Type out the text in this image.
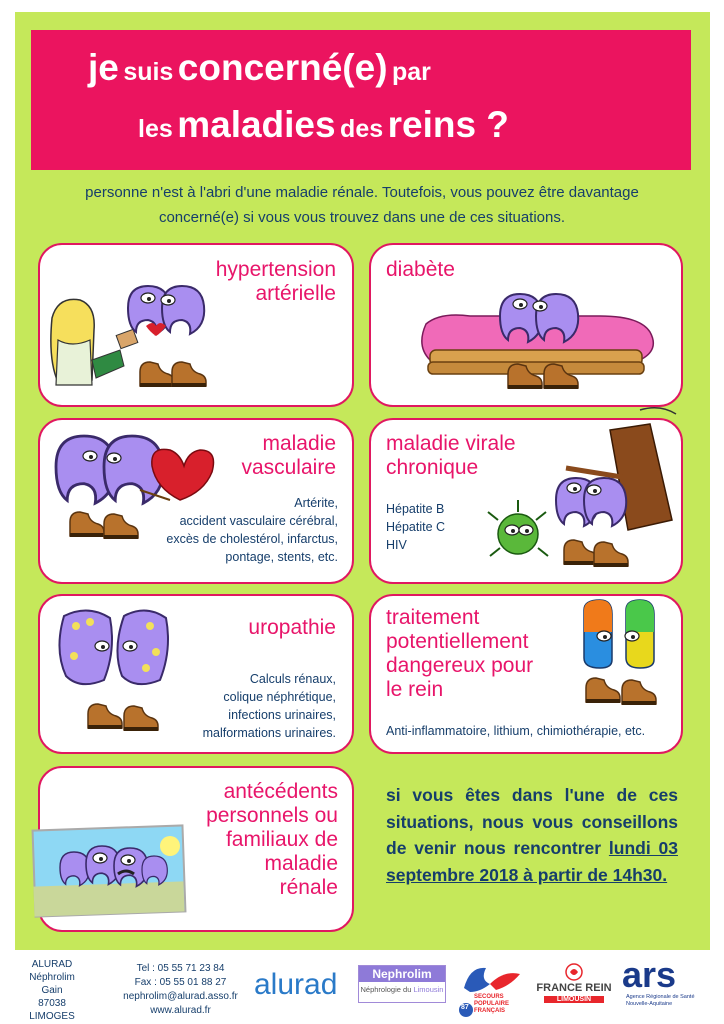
je suis concerné(e) par
les maladies des reins ?
personne n'est à l'abri d'une maladie rénale. Toutefois, vous pouvez être davantage
concerné(e) si vous vous trouvez dans une de ces situations.
hypertension
artérielle
diabète
maladie
vasculaire
Artérite,
accident vasculaire cérébral,
excès de cholestérol, infarctus,
pontage, stents, etc.
maladie virale
chronique
Hépatite B
Hépatite C
HIV
uropathie
Calculs rénaux,
colique néphrétique,
infections urinaires,
malformations urinaires.
traitement
potentiellement
dangereux pour
le rein
Anti-inflammatoire, lithium, chimiothérapie, etc.
antécédents
personnels ou
familiaux de
maladie
rénale
si vous êtes dans l'une de ces situations, nous vous conseillons de venir nous rencontrer lundi 03 septembre 2018 à partir de 14h30.
ALURAD
Néphrolim
Gain
87038 LIMOGES
Tel : 05 55 71 23 84
Fax : 05 55 01 88 27
nephrolim@alurad.asso.fr
www.alurad.fr
alurad	Nephrolim
Néphrologie du Limousin
87
SECOURS POPULAIRE FRANÇAIS
FRANCE REIN
LIMOUSIN
ars
Agence Régionale de Santé
Nouvelle-Aquitaine
